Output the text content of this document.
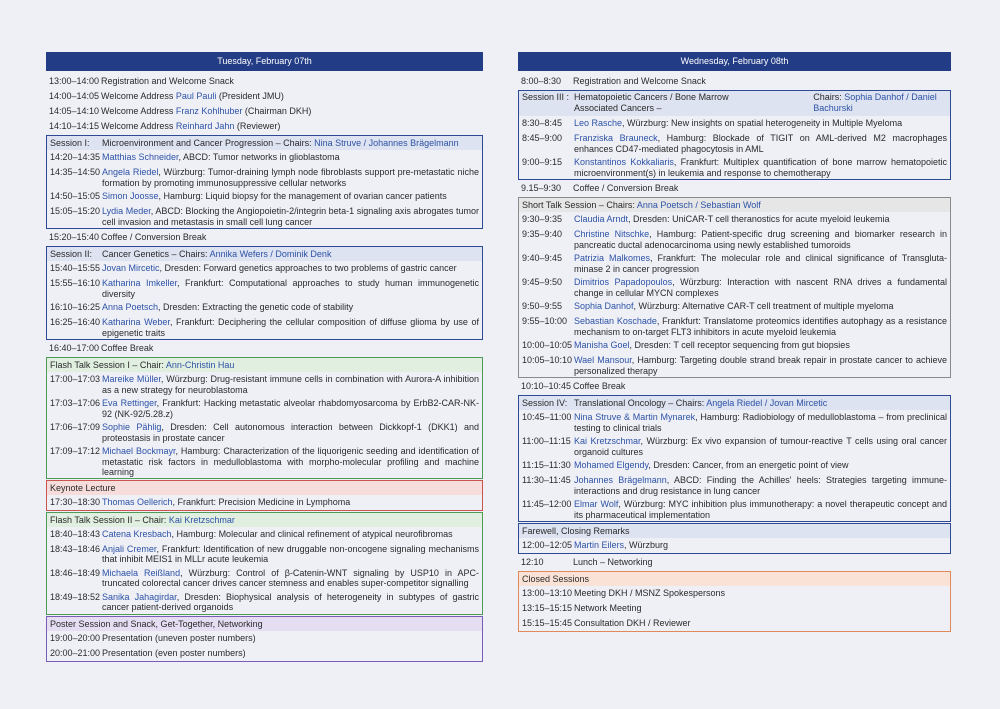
Tuesday, February 07th
13:00–14:00 Registration and Welcome Snack
14:00–14:05 Welcome Address Paul Pauli (President JMU)
14:05–14:10 Welcome Address Franz Kohlhuber (Chairman DKH)
14:10–14:15 Welcome Address Reinhard Jahn (Reviewer)
Session I:	Microenvironment and Cancer Progression – Chairs: Nina Struve / Johannes Brägelmann
14:20–14:35 Matthias Schneider, ABCD: Tumor networks in glioblastoma
14:35–14:50 Angela Riedel, Würzburg: Tumor-draining lymph node fibroblasts support pre-metastatic niche formation by promoting immunosuppressive cellular networks
14:50–15:05 Simon Joosse, Hamburg: Liquid biopsy for the management of ovarian cancer patients
15:05–15:20 Lydia Meder, ABCD: Blocking the Angiopoietin-2/integrin beta-1 signaling axis abrogates tumor cell invasion and metastasis in small cell lung cancer
15:20–15:40 Coffee / Conversion Break
Session II:	Cancer Genetics – Chairs: Annika Wefers / Dominik Denk
15:40–15:55 Jovan Mircetic, Dresden: Forward genetics approaches to two problems of gastric cancer
15:55–16:10 Katharina Imkeller, Frankfurt: Computational approaches to study human immunogenetic diversity
16:10–16:25 Anna Poetsch, Dresden: Extracting the genetic code of stability
16:25–16:40 Katharina Weber, Frankfurt: Deciphering the cellular composition of diffuse glioma by use of epigenetic traits
16:40–17:00 Coffee Break
Flash Talk Session I – Chair: Ann-Christin Hau
17:00–17:03 Mareike Müller, Würzburg: Drug-resistant immune cells in combination with Aurora-A inhibition as a new strategy for neuroblastoma
17:03–17:06 Eva Rettinger, Frankfurt: Hacking metastatic alveolar rhabdomyosarcoma by ErbB2-CAR-NK-92 (NK-92/5.28.z)
17:06–17:09 Sophie Pählig, Dresden: Cell autonomous interaction between Dickkopf-1 (DKK1) and proteostasis in prostate cancer
17:09–17:12 Michael Bockmayr, Hamburg: Characterization of the liquorigenic seeding and identification of metastatic risk factors in medulloblastoma with morpho-molecular profiling and machine learning
Keynote Lecture
17:30–18:30 Thomas Oellerich, Frankfurt: Precision Medicine in Lymphoma
Flash Talk Session II – Chair: Kai Kretzschmar
18:40–18:43 Catena Kresbach, Hamburg: Molecular and clinical refinement of atypical neurofibromas
18:43–18:46 Anjali Cremer, Frankfurt: Identification of new druggable non-oncogene signaling mechanisms that inhibit MEIS1 in MLLr acute leukemia
18:46–18:49 Michaela Reißland, Würzburg: Control of β-Catenin-WNT signaling by USP10 in APC-truncated colorectal cancer drives cancer stemness and enables super-competitor signalling
18:49–18:52 Sanika Jahagirdar, Dresden: Biophysical analysis of heterogeneity in subtypes of gastric cancer patient-derived organoids
Poster Session and Snack, Get-Together, Networking
19:00–20:00 Presentation (uneven poster numbers)
20:00–21:00 Presentation (even poster numbers)
Wednesday, February 08th
8:00–8:30	Registration and Welcome Snack
Session III : Hematopoietic Cancers / Bone Marrow Associated Cancers –
Chairs: Sophia Danhof / Daniel Bachurski
8:30–8:45	Leo Rasche, Würzburg: New insights on spatial heterogeneity in Multiple Myeloma
8:45–9:00	Franziska Brauneck, Hamburg: Blockade of TIGIT on AML-derived M2 macrophages enhances CD47-mediated phagocytosis in AML
9:00–9:15	Konstantinos Kokkaliaris, Frankfurt: Multiplex quantification of bone marrow hematopoietic microenvironment(s) in leukemia and response to chemotherapy
9.15–9:30	Coffee / Conversion Break
Short Talk Session – Chairs: Anna Poetsch / Sebastian Wolf
9:30–9:35	Claudia Arndt, Dresden: UniCAR-T cell theranostics for acute myeloid leukemia
9:35–9:40	Christine Nitschke, Hamburg: Patient-specific drug screening and biomarker research in pancreatic ductal adenocarcinoma using newly established tumoroids
9:40–9:45	Patrizia Malkomes, Frankfurt: The molecular role and clinical significance of Transgluta-minase 2 in cancer progression
9:45–9:50	Dimitrios Papadopoulos, Würzburg: Interaction with nascent RNA drives a fundamental change in cellular MYCN complexes
9:50–9:55	Sophia Danhof, Würzburg: Alternative CAR-T cell treatment of multiple myeloma
9:55–10:00 Sebastian Koschade, Frankfurt: Translatome proteomics identifies autophagy as a resistance mechanism to on-target FLT3 inhibitors in acute myeloid leukemia
10:00–10:05 Manisha Goel, Dresden: T cell receptor sequencing from gut biopsies
10:05–10:10 Wael Mansour, Hamburg: Targeting double strand break repair in prostate cancer to achieve personalized therapy
10:10–10:45 Coffee Break
Session IV: Translational Oncology – Chairs: Angela Riedel / Jovan Mircetic
10:45–11:00 Nina Struve & Martin Mynarek, Hamburg: Radiobiology of medulloblastoma – from preclinical testing to clinical trials
11:00–11:15 Kai Kretzschmar, Würzburg: Ex vivo expansion of tumour-reactive T cells using oral cancer organoid cultures
11:15–11:30 Mohamed Elgendy, Dresden: Cancer, from an energetic point of view
11:30–11:45 Johannes Brägelmann, ABCD: Finding the Achilles' heels: Strategies targeting immune-interactions and drug resistance in lung cancer
11:45–12:00 Elmar Wolf, Würzburg: MYC inhibition plus immunotherapy: a novel therapeutic concept and its pharmaceutical implementation
Farewell, Closing Remarks
12:00–12:05 Martin Eilers, Würzburg
12:10	Lunch – Networking
Closed Sessions
13:00–13:10 Meeting DKH / MSNZ Spokespersons
13:15–15:15 Network Meeting
15:15–15:45 Consultation DKH / Reviewer
